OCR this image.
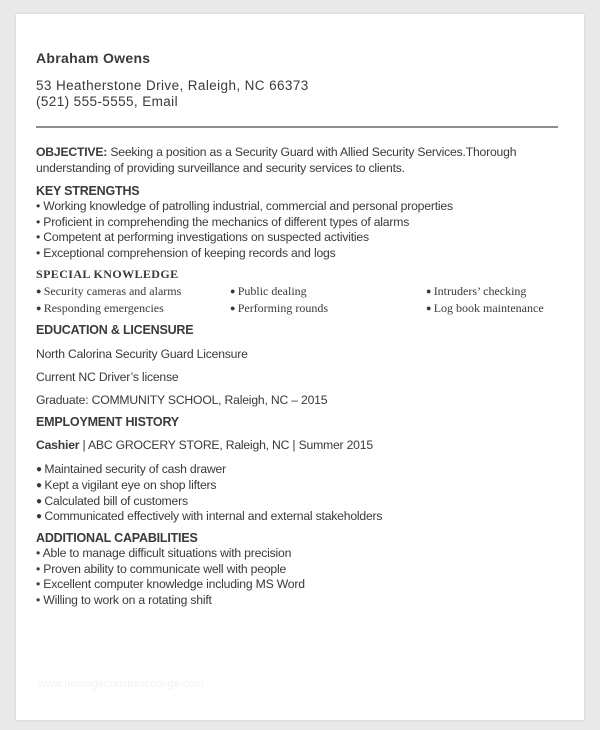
Abraham Owens
53 Heatherstone Drive, Raleigh, NC 66373
(521) 555-5555, Email
OBJECTIVE: Seeking a position as a Security Guard with Allied Security Services.Thorough understanding of providing surveillance and security services to clients.
KEY STRENGTHS
• Working knowledge of patrolling industrial, commercial and personal properties
• Proficient in comprehending the mechanics of different types of alarms
• Competent at performing investigations on suspected activities
• Exceptional comprehension of keeping records and logs
SPECIAL KNOWLEDGE
● Security cameras and alarms	● Public dealing	● Intruders’ checking
● Responding emergencies	● Performing rounds	● Log book maintenance
EDUCATION & LICENSURE
North Calorina Security Guard Licensure
Current NC Driver’s license
Graduate: COMMUNITY SCHOOL, Raleigh, NC – 2015
EMPLOYMENT HISTORY
Cashier | ABC GROCERY STORE, Raleigh, NC | Summer 2015
● Maintained security of cash drawer
● Kept a vigilant eye on shop lifters
● Calculated bill of customers
● Communicated effectively with internal and external stakeholders
ADDITIONAL CAPABILITIES
• Able to manage difficult situations with precision
• Proven ability to communicate well with people
• Excellent computer knowledge including MS Word
• Willing to work on a rotating shift
www.heritagechristiancollege.com
